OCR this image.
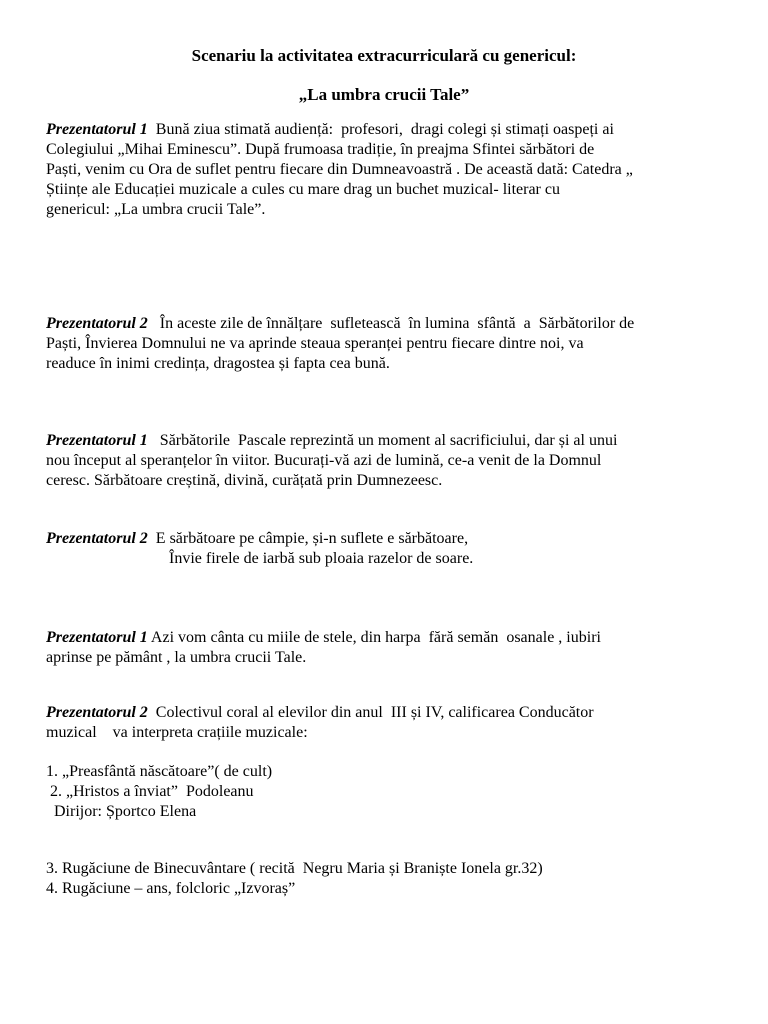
Scenariu la activitatea extracurriculară cu genericul:
„La umbra crucii Tale”
Prezentatorul 1  Bună ziua stimată audiență:  profesori,  dragi colegi și stimați oaspeți ai
Colegiului „Mihai Eminescu”. După frumoasa tradiție, în preajma Sfintei sărbători de
Paști, venim cu Ora de suflet pentru fiecare din Dumneavoastră . De această dată: Catedra „
Științe ale Educației muzicale a cules cu mare drag un buchet muzical- literar cu
genericul: „La umbra crucii Tale”.
Prezentatorul 2   În aceste zile de înnălțare  sufletească  în lumina  sfântă  a  Sărbătorilor de
Paști, Învierea Domnului ne va aprinde steaua speranței pentru fiecare dintre noi, va
readuce în inimi credința, dragostea și fapta cea bună.
Prezentatorul 1   Sărbătorile  Pascale reprezintă un moment al sacrificiului, dar și al unui
nou început al speranțelor în viitor. Bucurați-vă azi de lumină, ce-a venit de la Domnul
ceresc. Sărbătoare creștină, divină, curățată prin Dumnezeesc.
Prezentatorul 2  E sărbătoare pe câmpie, și-n suflete e sărbătoare,
Învie firele de iarbă sub ploaia razelor de soare.
Prezentatorul 1 Azi vom cânta cu miile de stele, din harpa  fără semăn  osanale , iubiri
aprinse pe pământ , la umbra crucii Tale.
Prezentatorul 2  Colectivul coral al elevilor din anul  III și IV, calificarea Conducător
muzical    va interpreta crațiile muzicale:
1. „Preasfântă născătoare”( de cult)
2. „Hristos a înviat”  Podoleanu
Dirijor: Șportco Elena
3. Rugăciune de Binecuvântare ( recită  Negru Maria și Braniște Ionela gr.32)
4. Rugăciune – ans, folcloric „Izvoraș”
